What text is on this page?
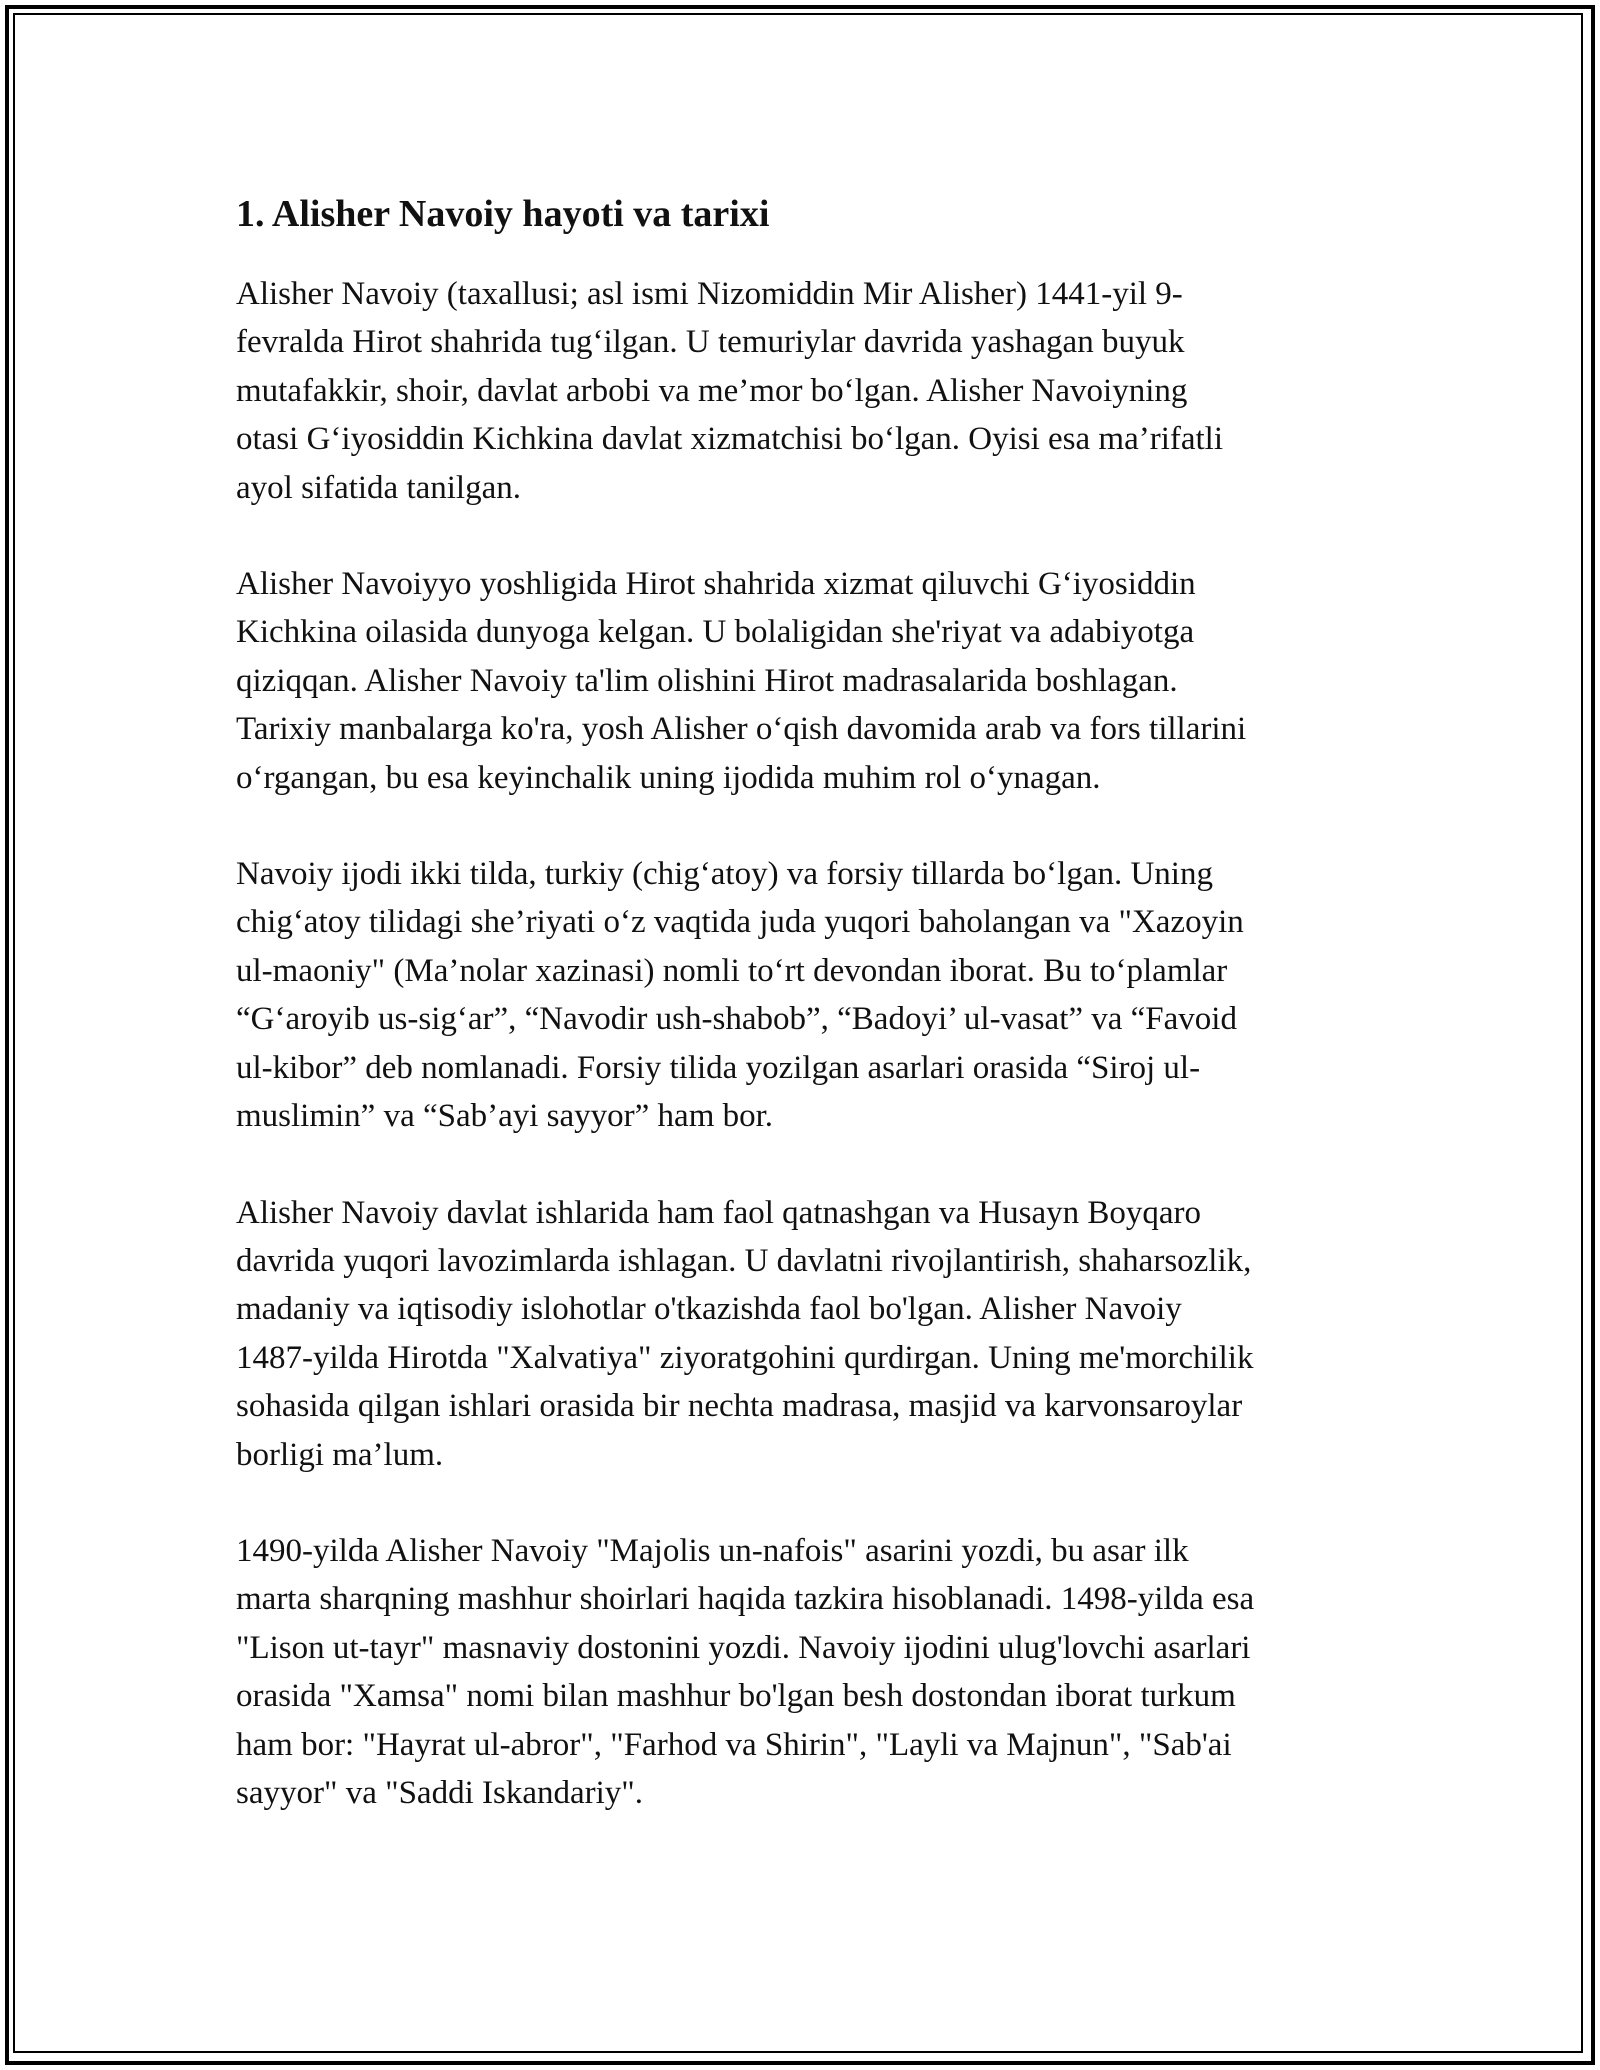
1. Alisher Navoiy hayoti va tarixi

Alisher Navoiy (taxallusi; asl ismi Nizomiddin Mir Alisher) 1441-yil 9-
fevralda Hirot shahrida tug‘ilgan. U temuriylar davrida yashagan buyuk
mutafakkir, shoir, davlat arbobi va me’mor bo‘lgan. Alisher Navoiyning
otasi G‘iyosiddin Kichkina davlat xizmatchisi bo‘lgan. Oyisi esa ma’rifatli
ayol sifatida tanilgan.

Alisher Navoiyyo yoshligida Hirot shahrida xizmat qiluvchi G‘iyosiddin
Kichkina oilasida dunyoga kelgan. U bolaligidan she'riyat va adabiyotga
qiziqqan. Alisher Navoiy ta'lim olishini Hirot madrasalarida boshlagan.
Tarixiy manbalarga ko'ra, yosh Alisher o‘qish davomida arab va fors tillarini
o‘rgangan, bu esa keyinchalik uning ijodida muhim rol o‘ynagan.

Navoiy ijodi ikki tilda, turkiy (chig‘atoy) va forsiy tillarda bo‘lgan. Uning
chig‘atoy tilidagi she’riyati o‘z vaqtida juda yuqori baholangan va "Xazoyin
ul-maoniy" (Ma’nolar xazinasi) nomli to‘rt devondan iborat. Bu to‘plamlar
“G‘aroyib us-sig‘ar”, “Navodir ush-shabob”, “Badoyi’ ul-vasat” va “Favoid
ul-kibor” deb nomlanadi. Forsiy tilida yozilgan asarlari orasida “Siroj ul-
muslimin” va “Sab’ayi sayyor” ham bor.

Alisher Navoiy davlat ishlarida ham faol qatnashgan va Husayn Boyqaro
davrida yuqori lavozimlarda ishlagan. U davlatni rivojlantirish, shaharsozlik,
madaniy va iqtisodiy islohotlar o'tkazishda faol bo'lgan. Alisher Navoiy
1487-yilda Hirotda "Xalvatiya" ziyoratgohini qurdirgan. Uning me'morchilik
sohasida qilgan ishlari orasida bir nechta madrasa, masjid va karvonsaroylar
borligi ma’lum.

1490-yilda Alisher Navoiy "Majolis un-nafois" asarini yozdi, bu asar ilk
marta sharqning mashhur shoirlari haqida tazkira hisoblanadi. 1498-yilda esa
"Lison ut-tayr" masnaviy dostonini yozdi. Navoiy ijodini ulug'lovchi asarlari
orasida "Xamsa" nomi bilan mashhur bo'lgan besh dostondan iborat turkum
ham bor: "Hayrat ul-abror", "Farhod va Shirin", "Layli va Majnun", "Sab'ai
sayyor" va "Saddi Iskandariy".
